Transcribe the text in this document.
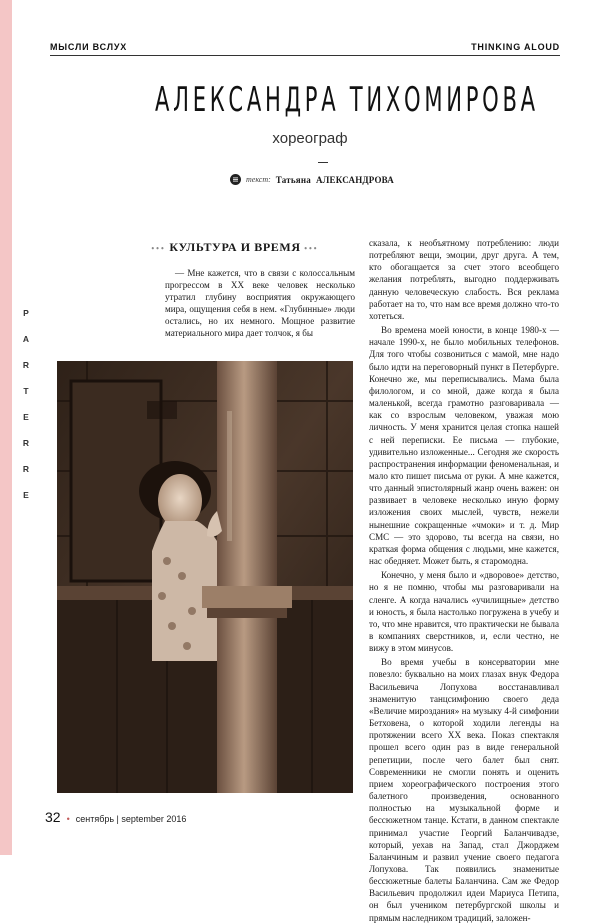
МЫСЛИ ВСЛУХ	THINKING ALOUD
АЛЕКСАНДРА ТИХОМИРОВА
хореограф
текст: Татьяна АЛЕКСАНДРОВА
P
A
R
T
E
R
R
E
••• КУЛЬТУРА И ВРЕМЯ •••
— Мне кажется, что в связи с колоссальным прогрессом в XX веке человек несколько утратил глубину восприятия окружающего мира, ощущения себя в нем. «Глубинные» люди остались, но их немного. Мощное развитие материального мира дает толчок, я бы

сказала, к необъятному потреблению: люди потребляют вещи, эмоции, друг друга. А тем, кто обогащается за счет этого всеобщего желания потреблять, выгодно поддерживать данную человеческую слабость. Вся реклама работает на то, что нам все время должно что-то хотеться.

Во времена моей юности, в конце 1980-х — начале 1990-х, не было мобильных телефонов. Для того чтобы созвониться с мамой, мне надо было идти на переговорный пункт в Петербурге. Конечно же, мы переписывались. Мама была филологом, и со мной, даже когда я была маленькой, всегда грамотно разговаривала — как со взрослым человеком, уважая мою личность. У меня хранится целая стопка нашей с ней переписки. Ее письма — глубокие, удивительно изложенные... Сегодня же скорость распространения информации феноменальная, и мало кто пишет письма от руки. А мне кажется, что данный эпистолярный жанр очень важен: он развивает в человеке несколько иную форму изложения своих мыслей, чувств, нежели нынешние сокращенные «чмоки» и т. д. Мир СМС — это здорово, ты всегда на связи, но краткая форма общения с людьми, мне кажется, нас обедняет. Может быть, я старомодна.

Конечно, у меня было и «дворовое» детство, но я не помню, чтобы мы разговаривали на сленге. А когда начались «училищные» детство и юность, я была настолько погружена в учебу и то, что мне нравится, что практически не бывала в компаниях сверстников, и, если честно, не вижу в этом минусов.

Во время учебы в консерватории мне повезло: буквально на моих глазах внук Федора Васильевича Лопухова восстанавливал знаменитую танцсимфонию своего деда «Величие мироздания» на музыку 4-й симфонии Бетховена, о которой ходили легенды на протяжении всего XX века. Показ спектакля прошел всего один раз в виде генеральной репетиции, после чего балет был снят. Современники не смогли понять и оценить прием хореографического построения этого балетного произведения, основанного полностью на музыкальной форме и бессюжетном танце. Кстати, в данном спектакле принимал участие Георгий Баланчивадзе, который, уехав на Запад, стал Джорджем Баланчиным и развил учение своего педагога Лопухова. Так появились знаменитые бессюжетные балеты Баланчина. Сам же Федор Васильевич продолжил идеи Мариуса Петипа, он был учеником петербургской школы и прямым наследником традиций, заложен-

32 • сентябрь | september 2016
